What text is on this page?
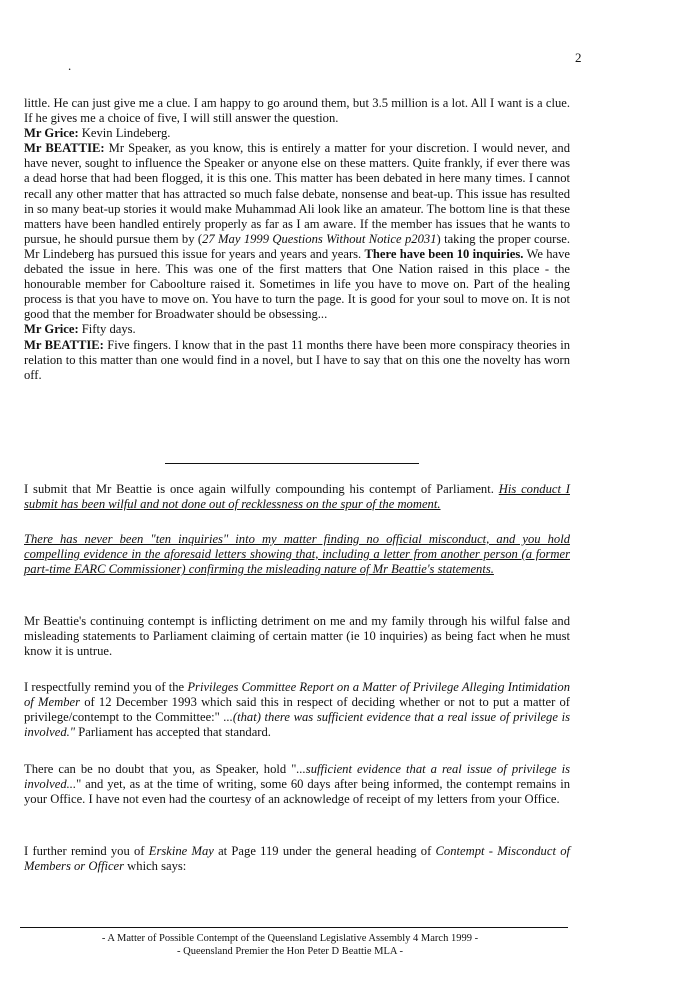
2
.

little. He can just give me a clue. I am happy to go around them, but 3.5 million is a lot. All I want is a clue. If he gives me a choice of five, I will still answer the question.

Mr Grice: Kevin Lindeberg.

Mr BEATTIE: Mr Speaker, as you know, this is entirely a matter for your discretion. I would never, and have never, sought to influence the Speaker or anyone else on these matters. Quite frankly, if ever there was a dead horse that had been flogged, it is this one. This matter has been debated in here many times. I cannot recall any other matter that has attracted so much false debate, nonsense and beat-up. This issue has resulted in so many beat-up stories it would make Muhammad Ali look like an amateur. The bottom line is that these matters have been handled entirely properly as far as I am aware. If the member has issues that he wants to pursue, he should pursue them by (27 May 1999 Questions Without Notice p2031) taking the proper course. Mr Lindeberg has pursued this issue for years and years and years. There have been 10 inquiries. We have debated the issue in here. This was one of the first matters that One Nation raised in this place - the honourable member for Caboolture raised it. Sometimes in life you have to move on. Part of the healing process is that you have to move on. You have to turn the page. It is good for your soul to move on. It is not good that the member for Broadwater should be obsessing...

Mr Grice: Fifty days.

Mr BEATTIE: Five fingers. I know that in the past 11 months there have been more conspiracy theories in relation to this matter than one would find in a novel, but I have to say that on this one the novelty has worn off.

I submit that Mr Beattie is once again wilfully compounding his contempt of Parliament. His conduct I submit has been wilful and not done out of recklessness on the spur of the moment.

There has never been "ten inquiries" into my matter finding no official misconduct, and you hold compelling evidence in the aforesaid letters showing that, including a letter from another person (a former part-time EARC Commissioner) confirming the misleading nature of Mr Beattie's statements.

Mr Beattie's continuing contempt is inflicting detriment on me and my family through his wilful false and misleading statements to Parliament claiming of certain matter (ie 10 inquiries) as being fact when he must know it is untrue.

I respectfully remind you of the Privileges Committee Report on a Matter of Privilege Alleging Intimidation of Member of 12 December 1993 which said this in respect of deciding whether or not to put a matter of privilege/contempt to the Committee:" ...(that) there was sufficient evidence that a real issue of privilege is involved." Parliament has accepted that standard.

There can be no doubt that you, as Speaker, hold "...sufficient evidence that a real issue of privilege is involved..." and yet, as at the time of writing, some 60 days after being informed, the contempt remains in your Office. I have not even had the courtesy of an acknowledge of receipt of my letters from your Office.

I further remind you of Erskine May at Page 119 under the general heading of Contempt - Misconduct of Members or Officer which says:

- A Matter of Possible Contempt of the Queensland Legislative Assembly 4 March 1999 -
- Queensland Premier the Hon Peter D Beattie MLA -
